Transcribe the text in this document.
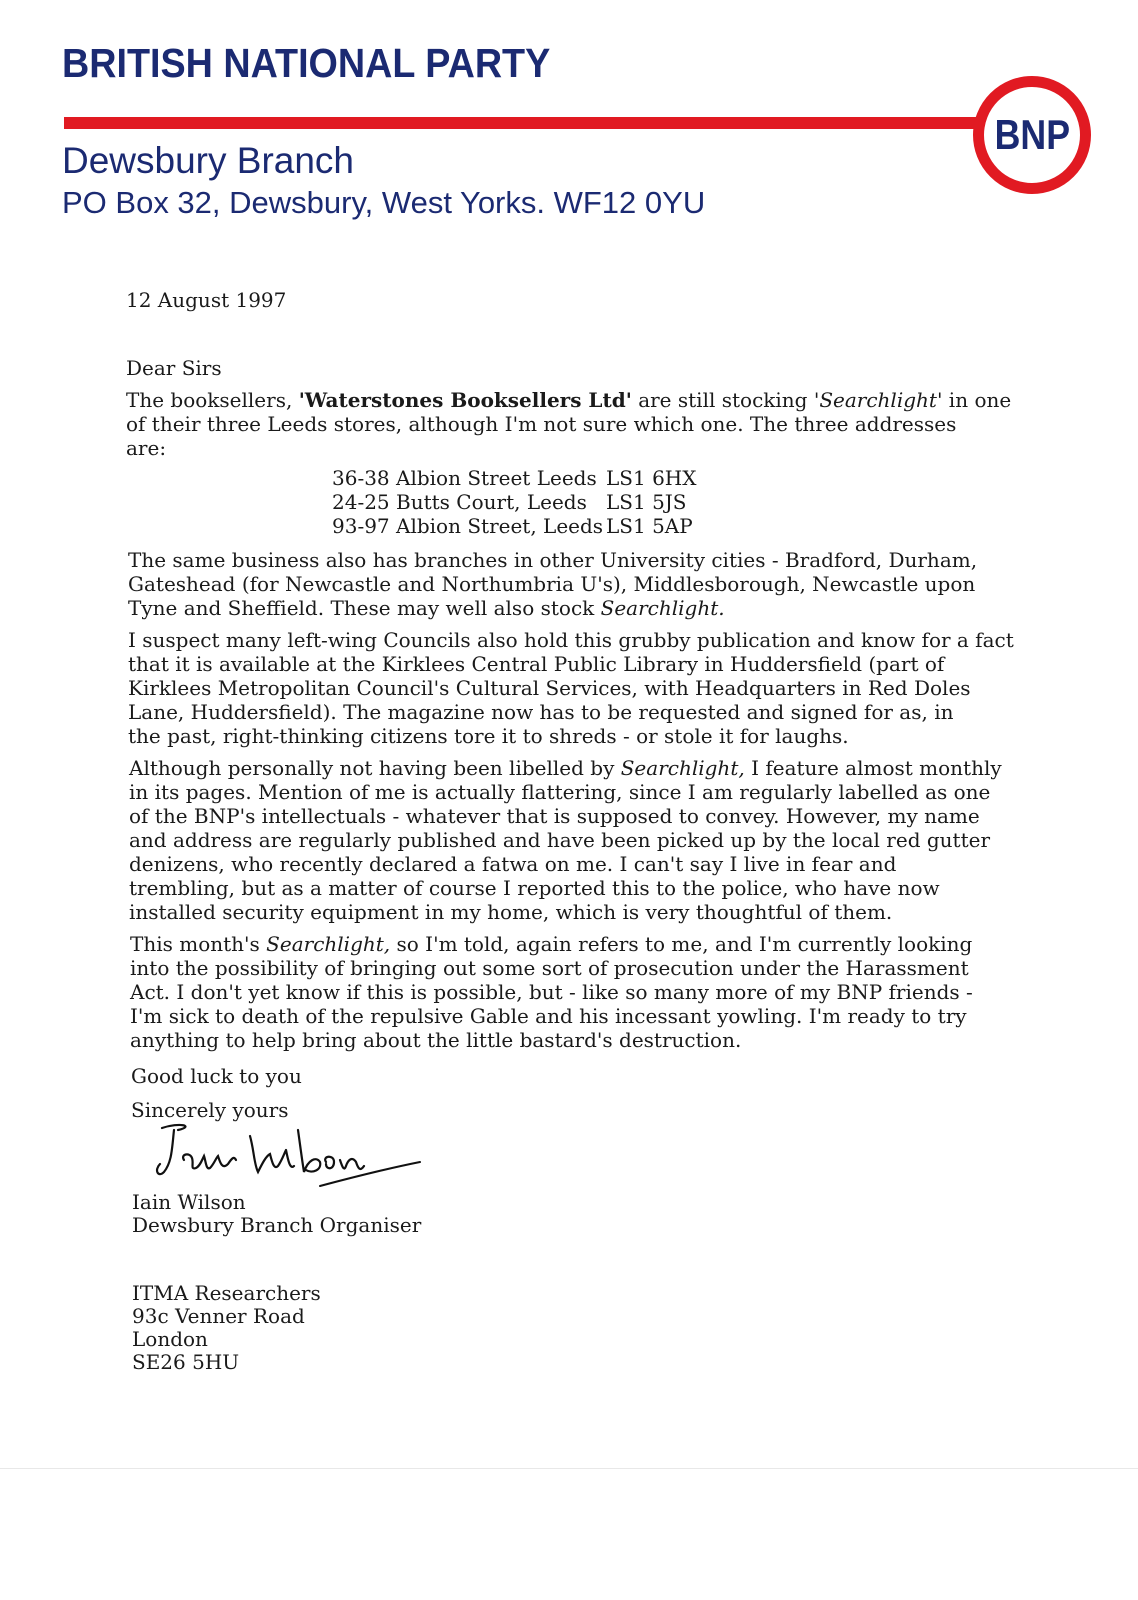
BRITISH NATIONAL PARTY
BNP
Dewsbury Branch
PO Box 32, Dewsbury, West Yorks. WF12 0YU
12 August 1997
Dear Sirs
The booksellers, 'Waterstones Booksellers Ltd' are still stocking 'Searchlight' in one
of their three Leeds stores, although I'm not sure which one. The three addresses
are:
36-38 Albion Street Leeds LS1 6HX
24-25 Butts Court, Leeds LS1 5JS
93-97 Albion Street, Leeds LS1 5AP
The same business also has branches in other University cities - Bradford, Durham,
Gateshead (for Newcastle and Northumbria U's), Middlesborough, Newcastle upon
Tyne and Sheffield. These may well also stock Searchlight.
I suspect many left-wing Councils also hold this grubby publication and know for a fact
that it is available at the Kirklees Central Public Library in Huddersfield (part of
Kirklees Metropolitan Council's Cultural Services, with Headquarters in Red Doles
Lane, Huddersfield). The magazine now has to be requested and signed for as, in
the past, right-thinking citizens tore it to shreds - or stole it for laughs.
Although personally not having been libelled by Searchlight, I feature almost monthly
in its pages. Mention of me is actually flattering, since I am regularly labelled as one
of the BNP's intellectuals - whatever that is supposed to convey. However, my name
and address are regularly published and have been picked up by the local red gutter
denizens, who recently declared a fatwa on me. I can't say I live in fear and
trembling, but as a matter of course I reported this to the police, who have now
installed security equipment in my home, which is very thoughtful of them.
This month's Searchlight, so I'm told, again refers to me, and I'm currently looking
into the possibility of bringing out some sort of prosecution under the Harassment
Act. I don't yet know if this is possible, but - like so many more of my BNP friends -
I'm sick to death of the repulsive Gable and his incessant yowling. I'm ready to try
anything to help bring about the little bastard's destruction.
Good luck to you
Sincerely yours
Iain Wilson
Dewsbury Branch Organiser
ITMA Researchers
93c Venner Road
London
SE26 5HU
